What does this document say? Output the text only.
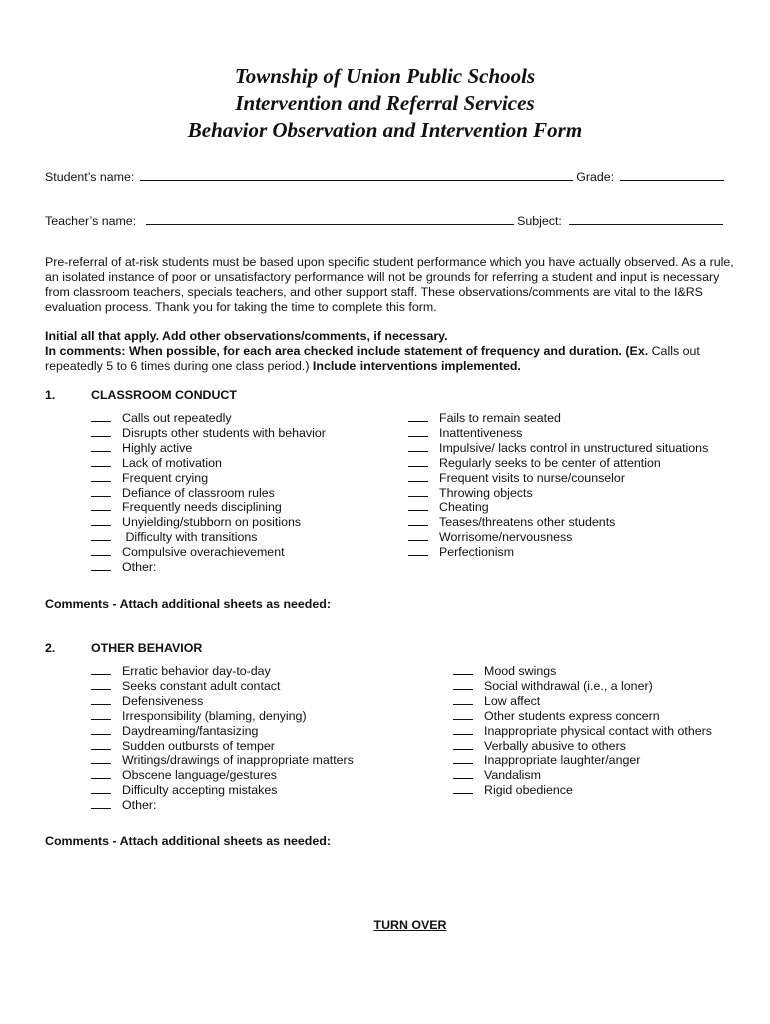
Township of Union Public Schools
Intervention and Referral Services
Behavior Observation and Intervention Form
Student’s name:	Grade:
Teacher’s name:	Subject:
Pre-referral of at-risk students must be based upon specific student performance which you have actually observed. As a rule, an isolated instance of poor or unsatisfactory performance will not be grounds for referring a student and input is necessary from classroom teachers, specials teachers, and other support staff. These observations/comments are vital to the I&RS evaluation process. Thank you for taking the time to complete this form.
Initial all that apply. Add other observations/comments, if necessary.
In comments: When possible, for each area checked include statement of frequency and duration. (Ex. Calls out repeatedly 5 to 6 times during one class period.) Include interventions implemented.
1.	CLASSROOM CONDUCT
Calls out repeatedly
Disrupts other students with behavior
Highly active
Lack of motivation
Frequent crying
Defiance of classroom rules
Frequently needs disciplining
Unyielding/stubborn on positions
Difficulty with transitions
Compulsive overachievement
Other:
Fails to remain seated
Inattentiveness
Impulsive/ lacks control in unstructured situations
Regularly seeks to be center of attention
Frequent visits to nurse/counselor
Throwing objects
Cheating
Teases/threatens other students
Worrisome/nervousness
Perfectionism
Comments - Attach additional sheets as needed:
2.	OTHER BEHAVIOR
Erratic behavior day-to-day
Seeks constant adult contact
Defensiveness
Irresponsibility (blaming, denying)
Daydreaming/fantasizing
Sudden outbursts of temper
Writings/drawings of inappropriate matters
Obscene language/gestures
Difficulty accepting mistakes
Other:
Mood swings
Social withdrawal (i.e., a loner)
Low affect
Other students express concern
Inappropriate physical contact with others
Verbally abusive to others
Inappropriate laughter/anger
Vandalism
Rigid obedience
Comments - Attach additional sheets as needed:
TURN OVER
